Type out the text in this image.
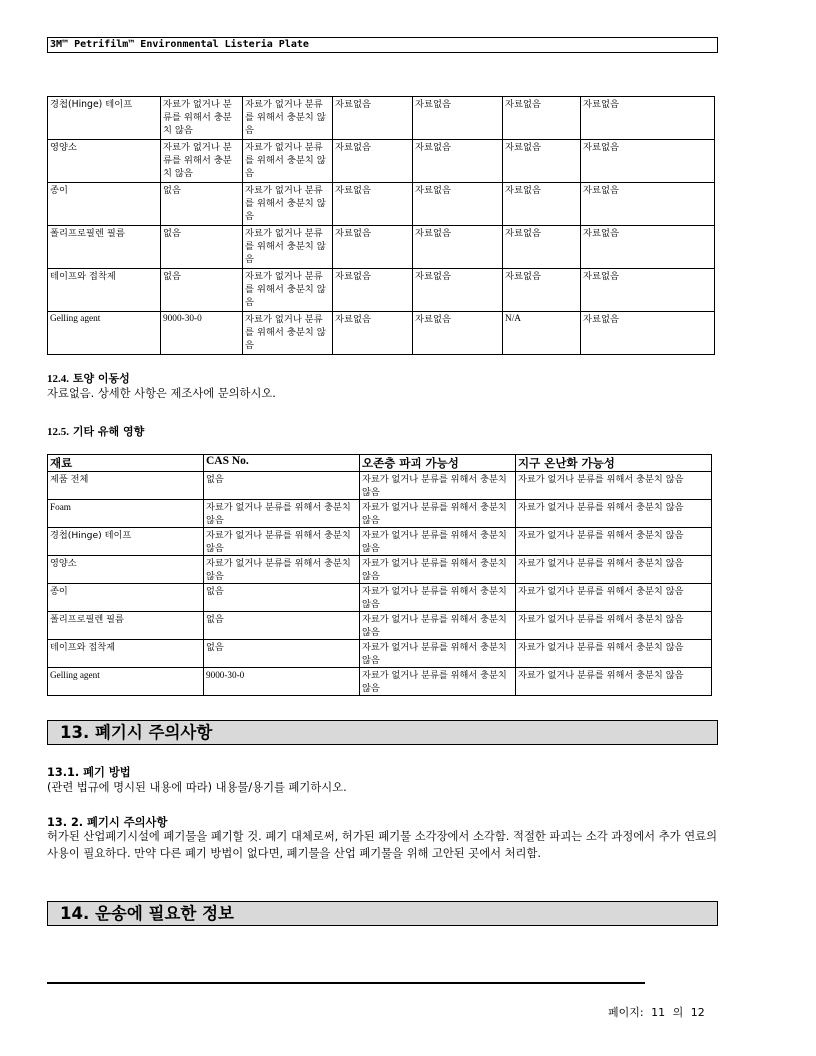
3M™ Petrifilm™ Environmental Listeria Plate
경첩(Hinge) 테이프	자료가 없거나 분류를 위해서 충분치 않음	자료가 없거나 분류를 위해서 충분치 않음	자료없음	자료없음	자료없음	자료없음
영양소	자료가 없거나 분류를 위해서 충분치 않음	자료가 없거나 분류를 위해서 충분치 않음	자료없음	자료없음	자료없음	자료없음
종이	없음	자료가 없거나 분류를 위해서 충분치 않음	자료없음	자료없음	자료없음	자료없음
폴리프로필렌 필름	없음	자료가 없거나 분류를 위해서 충분치 않음	자료없음	자료없음	자료없음	자료없음
테이프와 접착제	없음	자료가 없거나 분류를 위해서 충분치 않음	자료없음	자료없음	자료없음	자료없음
Gelling agent	9000-30-0	자료가 없거나 분류를 위해서 충분치 않음	자료없음	자료없음	N/A	자료없음
12.4. 토양 이동성
자료없음. 상세한 사항은 제조사에 문의하시오.
12.5. 기타 유해 영향
재료	CAS No.	오존층 파괴 가능성	지구 온난화 가능성
제품 전체	없음	자료가 없거나 분류를 위해서 충분치 않음	자료가 없거나 분류를 위해서 충분치 않음
Foam	자료가 없거나 분류를 위해서 충분치 않음	자료가 없거나 분류를 위해서 충분치 않음	자료가 없거나 분류를 위해서 충분치 않음
경첩(Hinge) 테이프	자료가 없거나 분류를 위해서 충분치 않음	자료가 없거나 분류를 위해서 충분치 않음	자료가 없거나 분류를 위해서 충분치 않음
영양소	자료가 없거나 분류를 위해서 충분치 않음	자료가 없거나 분류를 위해서 충분치 않음	자료가 없거나 분류를 위해서 충분치 않음
종이	없음	자료가 없거나 분류를 위해서 충분치 않음	자료가 없거나 분류를 위해서 충분치 않음
폴리프로필렌 필름	없음	자료가 없거나 분류를 위해서 충분치 않음	자료가 없거나 분류를 위해서 충분치 않음
테이프와 접착제	없음	자료가 없거나 분류를 위해서 충분치 않음	자료가 없거나 분류를 위해서 충분치 않음
Gelling agent	9000-30-0	자료가 없거나 분류를 위해서 충분치 않음	자료가 없거나 분류를 위해서 충분치 않음
13. 폐기시 주의사항
13.1. 폐기 방법
(관련 법규에 명시된 내용에 따라) 내용물/용기를 폐기하시오.
13. 2. 폐기시 주의사항
허가된 산업폐기시설에 폐기물을 폐기할 것. 폐기 대체로써, 허가된 폐기물 소각장에서 소각함. 적절한 파괴는 소각 과정에서 추가 연료의 사용이 필요하다. 만약 다른 폐기 방법이 없다면, 폐기물을 산업 폐기물을 위해 고안된 곳에서 처리함.
14. 운송에 필요한 정보
페이지: 11 의 12
